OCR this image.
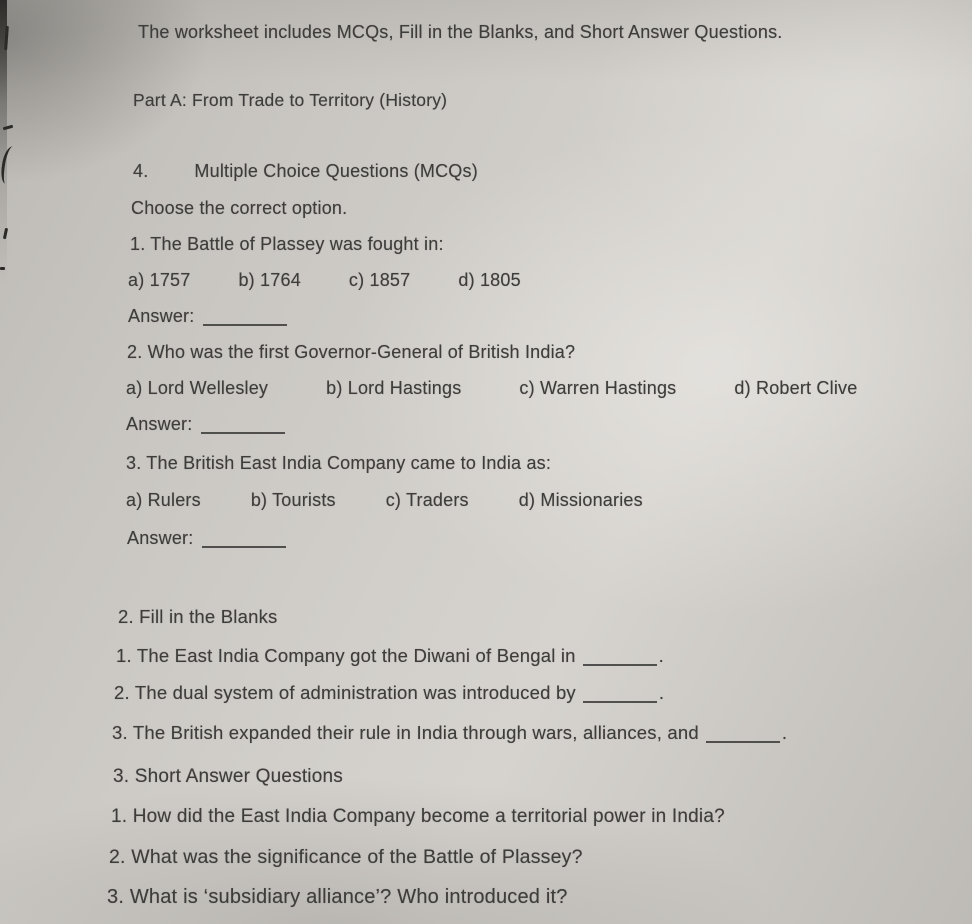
The worksheet includes MCQs, Fill in the Blanks, and Short Answer Questions.
Part A: From Trade to Territory (History)
4.	Multiple Choice Questions (MCQs)
Choose the correct option.
1. The Battle of Plassey was fought in:
a) 1757	b) 1764	c) 1857	d) 1805
Answer:
2. Who was the first Governor-General of British India?
a) Lord Wellesley	b) Lord Hastings	c) Warren Hastings	d) Robert Clive
Answer:
3. The British East India Company came to India as:
a) Rulers	b) Tourists	c) Traders	d) Missionaries
Answer:
2. Fill in the Blanks
1. The East India Company got the Diwani of Bengal in	.
2. The dual system of administration was introduced by	.
3. The British expanded their rule in India through wars, alliances, and	.
3. Short Answer Questions
1. How did the East India Company become a territorial power in India?
2. What was the significance of the Battle of Plassey?
3. What is ‘subsidiary alliance’? Who introduced it?
